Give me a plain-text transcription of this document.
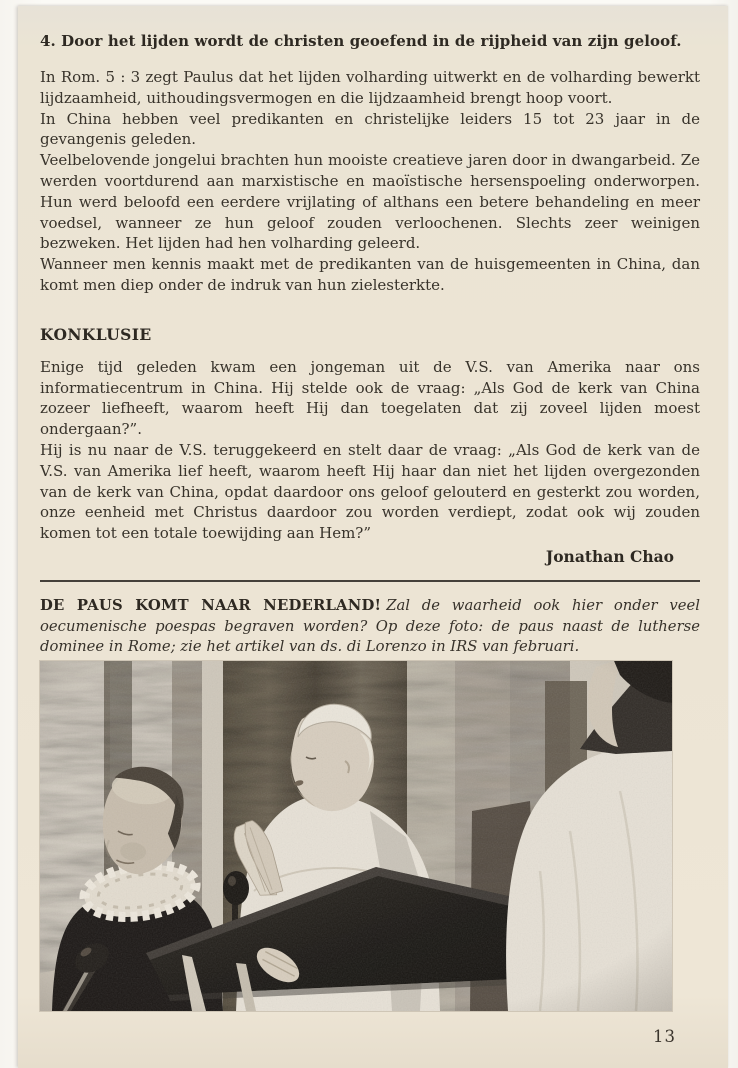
4. Door het lijden wordt de christen geoefend in de rijpheid van zijn geloof.

In Rom. 5 : 3 zegt Paulus dat het lijden volharding uitwerkt en de volharding bewerkt lijdzaamheid, uithoudingsvermogen en die lijdzaamheid brengt hoop voort.

In China hebben veel predikanten en christelijke leiders 15 tot 23 jaar in de gevangenis geleden.

Veelbelovende jongelui brachten hun mooiste creatieve jaren door in dwangarbeid. Ze werden voortdurend aan marxistische en maoïstische hersenspoeling onderworpen. Hun werd beloofd een eerdere vrijlating of althans een betere behandeling en meer voedsel, wanneer ze hun geloof zouden verloochenen. Slechts zeer weinigen bezweken. Het lijden had hen volharding geleerd.

Wanneer men kennis maakt met de predikanten van de huisgemeenten in China, dan komt men diep onder de indruk van hun zielesterkte.

KONKLUSIE

Enige tijd geleden kwam een jongeman uit de V.S. van Amerika naar ons informatiecentrum in China. Hij stelde ook de vraag: „Als God de kerk van China zozeer liefheeft, waarom heeft Hij dan toegelaten dat zij zoveel lijden moest ondergaan?”.

Hij is nu naar de V.S. teruggekeerd en stelt daar de vraag: „Als God de kerk van de V.S. van Amerika lief heeft, waarom heeft Hij haar dan niet het lijden overgezonden van de kerk van China, opdat daardoor ons geloof gelouterd en gesterkt zou worden, onze eenheid met Christus daardoor zou worden verdiept, zodat ook wij zouden komen tot een totale toewijding aan Hem?”

Jonathan Chao
DE PAUS KOMT NAAR NEDERLAND! Zal de waarheid ook hier onder veel oecumenische poespas begraven worden? Op deze foto: de paus naast de lutherse dominee in Rome; zie het artikel van ds. di Lorenzo in IRS van februari.
13
